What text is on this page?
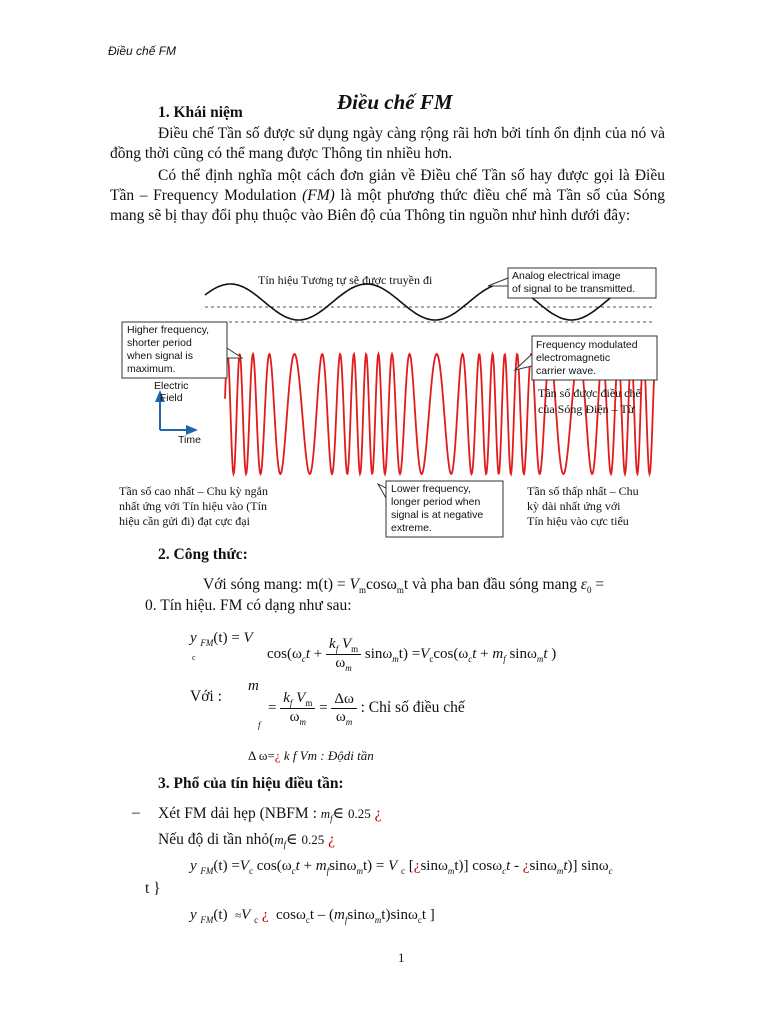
Điều chế FM
Điều chế FM
1. Khái niệm

Điều chế Tần số được sử dụng ngày càng rộng rãi hơn bởi tính ổn định của nó và đồng thời cũng có thể mang được Thông tin nhiều hơn.

Có thể định nghĩa một cách đơn giản về Điều chế Tần số hay được gọi là Điều Tần – Frequency Modulation (FM) là một phương thức điều chế mà Tần số của Sóng mang sẽ bị thay đổi phụ thuộc vào Biên độ của Thông tin nguồn như hình dưới đây:

Tín hiệu Tương tự sẽ được truyền đi	Analog electrical image
of signal to be transmitted.
Higher frequency,
shorter period
when signal is
maximum.
Frequency modulated
electromagnetic
carrier wave.
Tần số được điều chế
của Sóng Điện – Từ
Electric
Field
Time
Tần số cao nhất – Chu kỳ ngắn
nhất ứng với Tín hiệu vào (Tín
hiệu cần gửi đi) đạt cực đại
Lower frequency,
longer period when
signal is at negative
extreme.
Tần số thấp nhất – Chu
kỳ dài nhất ứng với
Tín hiệu vào cực tiểu
2. Công thức:
Với sóng mang: $m(t) = V_m\cos\omega_mt$ và pha ban đầu sóng mang ɛ$_0$ =
0. Tín hiệu. FM có dạng như sau:
y $_{FM}$(t) = V
c	$\cos(\omega_ct + \frac{k_f V_m}{\omega_m} \sin\omega_mt) =V_c\cos(\omega_ct + m_f$ sinω$_m$t )
Với :
m
f
= $\frac{k_f V_m}{\omega_m} = \frac{\Delta\omega}{\omega_m}$ : Chỉ số điều chế
Δ ω=¿ k f Vm : Độdi tần
3. Phổ của tín hiệu điều tần:
– Xét FM dải hẹp (NBFM : $m_f\in$ 0.25 ¿
Nếu độ di tần $nhỏ(m_f\in$ 0.25 ¿
y $_{FM}(t) =V_c$ $\cos(\omega_ct + m_f\sin\omega_mt) = V$ $_c$ [¿sinω$_m$t)] cosω$_c$t - ¿sinω$_m$t)] sinω$_c$
t }
y $_{FM}$(t)  ≈V $_c$ ¿  $\cos\omega_ct - (m_f\sin\omega_mt)\sin\omega_ct$ ]
1
